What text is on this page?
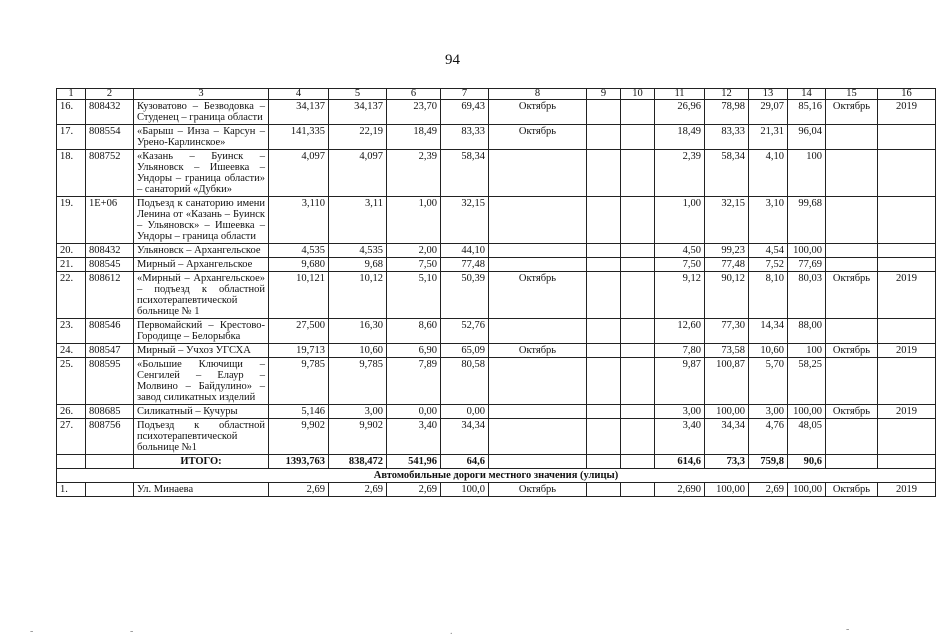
94
1	2	3	4	5	6	7	8	9	10	11	12	13	14	15	16
16.	808432	Кузоватово – Безводовка – Студенец – граница области	34,137	34,137	23,70	69,43	Октябрь			26,96	78,98	29,07	85,16	Октябрь	2019
17.	808554	«Барыш – Инза – Карсун – Урено-Карлинское»	141,335	22,19	18,49	83,33	Октябрь			18,49	83,33	21,31	96,04		
18.	808752	«Казань – Буинск – Ульяновск – Ишеевка – Ундоры – граница области» – санаторий «Дубки»	4,097	4,097	2,39	58,34				2,39	58,34	4,10	100		
19.	1E+06	Подъезд к санаторию имени Ленина от «Казань – Буинск – Ульяновск» – Ишеевка – Ундоры – граница области	3,110	3,11	1,00	32,15				1,00	32,15	3,10	99,68		
20.	808432	Ульяновск – Архангельское	4,535	4,535	2,00	44,10				4,50	99,23	4,54	100,00		
21.	808545	Мирный – Архангельское	9,680	9,68	7,50	77,48				7,50	77,48	7,52	77,69		
22.	808612	«Мирный – Архангельское» – подъезд к областной психотерапевтической больнице № 1	10,121	10,12	5,10	50,39	Октябрь			9,12	90,12	8,10	80,03	Октябрь	2019
23.	808546	Первомайский – Крестово-Городище – Белорыбка	27,500	16,30	8,60	52,76				12,60	77,30	14,34	88,00		
24.	808547	Мирный – Учхоз УГСХА	19,713	10,60	6,90	65,09	Октябрь			7,80	73,58	10,60	100	Октябрь	2019
25.	808595	«Большие Ключищи – Сенгилей – Елаур – Молвино – Байдулино» – завод силикатных изделий	9,785	9,785	7,89	80,58				9,87	100,87	5,70	58,25		
26.	808685	Силикатный – Кучуры	5,146	3,00	0,00	0,00				3,00	100,00	3,00	100,00	Октябрь	2019
27.	808756	Подъезд к областной психотерапевтической больнице №1	9,902	9,902	3,40	34,34				3,40	34,34	4,76	48,05		
		ИТОГО:	1393,763	838,472	541,96	64,6				614,6	73,3	759,8	90,6		
Автомобильные дороги местного значения (улицы)															
1.		Ул. Минаева	2,69	2,69	2,69	100,0	Октябрь			2,690	100,00	2,69	100,00	Октябрь	2019
-	-	.	-
